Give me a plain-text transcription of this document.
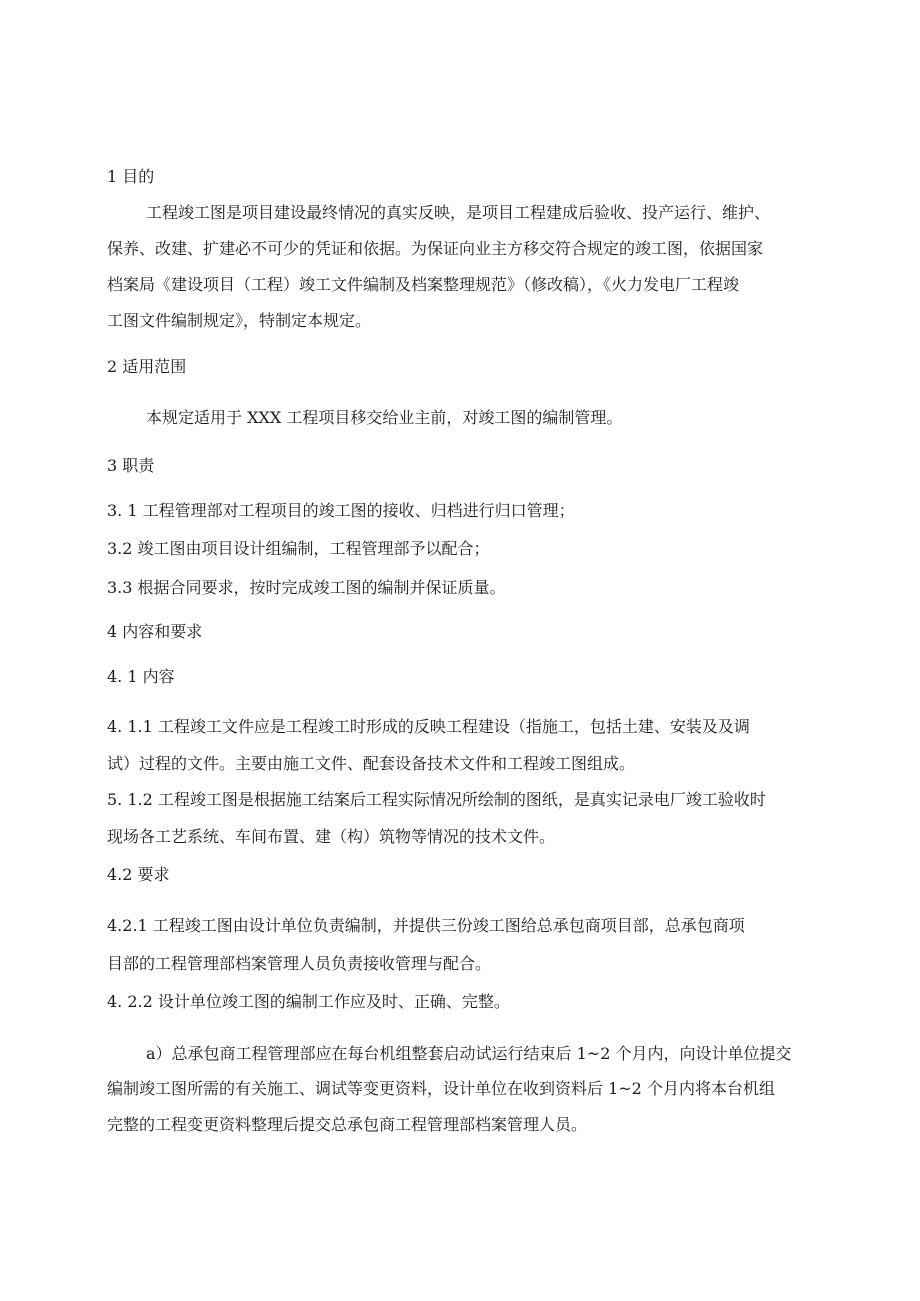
1 目的

工程竣工图是项目建设最终情况的真实反映，是项目工程建成后验收、投产运行、维护、

保养、改建、扩建必不可少的凭证和依据。为保证向业主方移交符合规定的竣工图，依据国家

档案局《建设项目（工程）竣工文件编制及档案整理规范》（修改稿），《火力发电厂工程竣

工图文件编制规定》，特制定本规定。

2 适用范围

本规定适用于 XXX 工程项目移交给业主前，对竣工图的编制管理。

3 职责

3. 1 工程管理部对工程项目的竣工图的接收、归档进行归口管理；

3.2 竣工图由项目设计组编制，工程管理部予以配合；

3.3 根据合同要求，按时完成竣工图的编制并保证质量。

4 内容和要求

4. 1 内容

4. 1.1 工程竣工文件应是工程竣工时形成的反映工程建设（指施工，包括土建、安装及及调

试）过程的文件。主要由施工文件、配套设备技术文件和工程竣工图组成。

5. 1.2 工程竣工图是根据施工结案后工程实际情况所绘制的图纸，是真实记录电厂竣工验收时

现场各工艺系统、车间布置、建（构）筑物等情况的技术文件。

4.2 要求

4.2.1 工程竣工图由设计单位负责编制，并提供三份竣工图给总承包商项目部，总承包商项

目部的工程管理部档案管理人员负责接收管理与配合。

4. 2.2 设计单位竣工图的编制工作应及时、正确、完整。

a）总承包商工程管理部应在每台机组整套启动试运行结束后 1~2 个月内，向设计单位提交

编制竣工图所需的有关施工、调试等变更资料，设计单位在收到资料后 1~2 个月内将本台机组

完整的工程变更资料整理后提交总承包商工程管理部档案管理人员。
